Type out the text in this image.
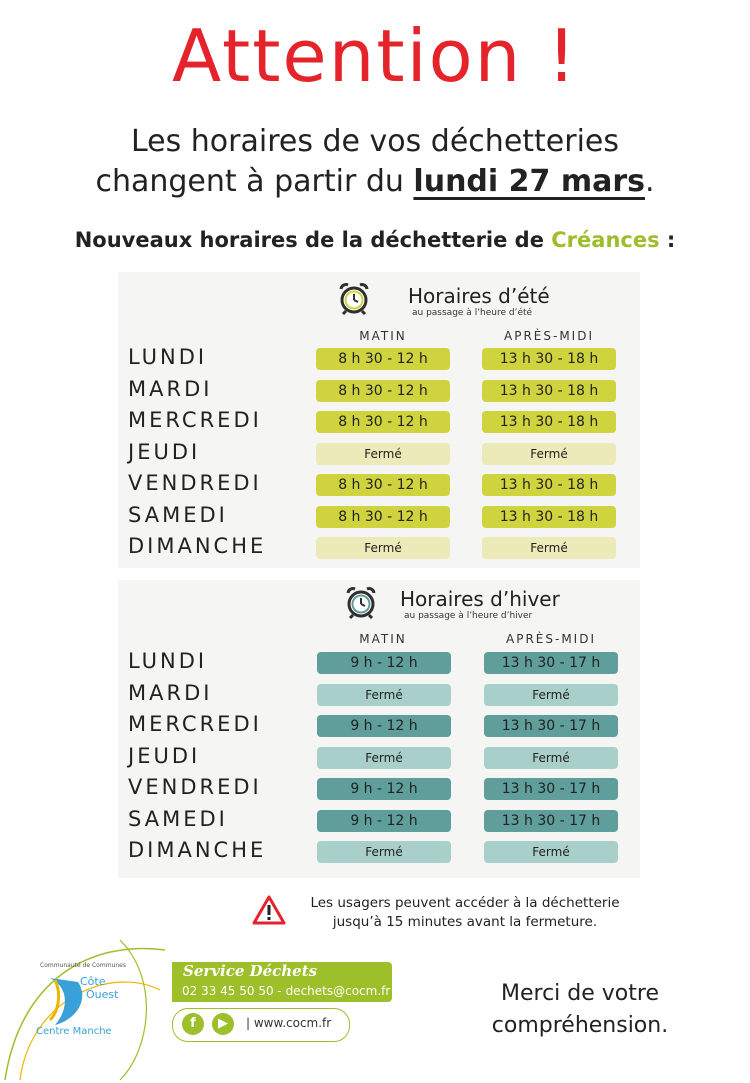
Attention !
Les horaires de vos déchetteries
changent à partir du lundi 27 mars.
Nouveaux horaires de la déchetterie de Créances :
Horaires d’été
au passage à l’heure d’été
MATIN	APRÈS-MIDI
LUNDI	8 h 30 - 12 h	13 h 30 - 18 h
MARDI	8 h 30 - 12 h	13 h 30 - 18 h
MERCREDI	8 h 30 - 12 h	13 h 30 - 18 h
JEUDI	Fermé	Fermé
VENDREDI	8 h 30 - 12 h	13 h 30 - 18 h
SAMEDI	8 h 30 - 12 h	13 h 30 - 18 h
DIMANCHE	Fermé	Fermé
Horaires d’hiver
au passage à l’heure d’hiver
MATIN	APRÈS-MIDI
LUNDI	9 h - 12 h	13 h 30 - 17 h
MARDI	Fermé	Fermé
MERCREDI	9 h - 12 h	13 h 30 - 17 h
JEUDI	Fermé	Fermé
VENDREDI	9 h - 12 h	13 h 30 - 17 h
SAMEDI	9 h - 12 h	13 h 30 - 17 h
DIMANCHE	Fermé	Fermé
Les usagers peuvent accéder à la déchetterie
jusqu’à 15 minutes avant la fermeture.
Communauté de Communes
Côte
Ouest
Centre Manche
Service Déchets
02 33 45 50 50 - dechets@cocm.fr
f	▶	| www.cocm.fr
Merci de votre
compréhension.
